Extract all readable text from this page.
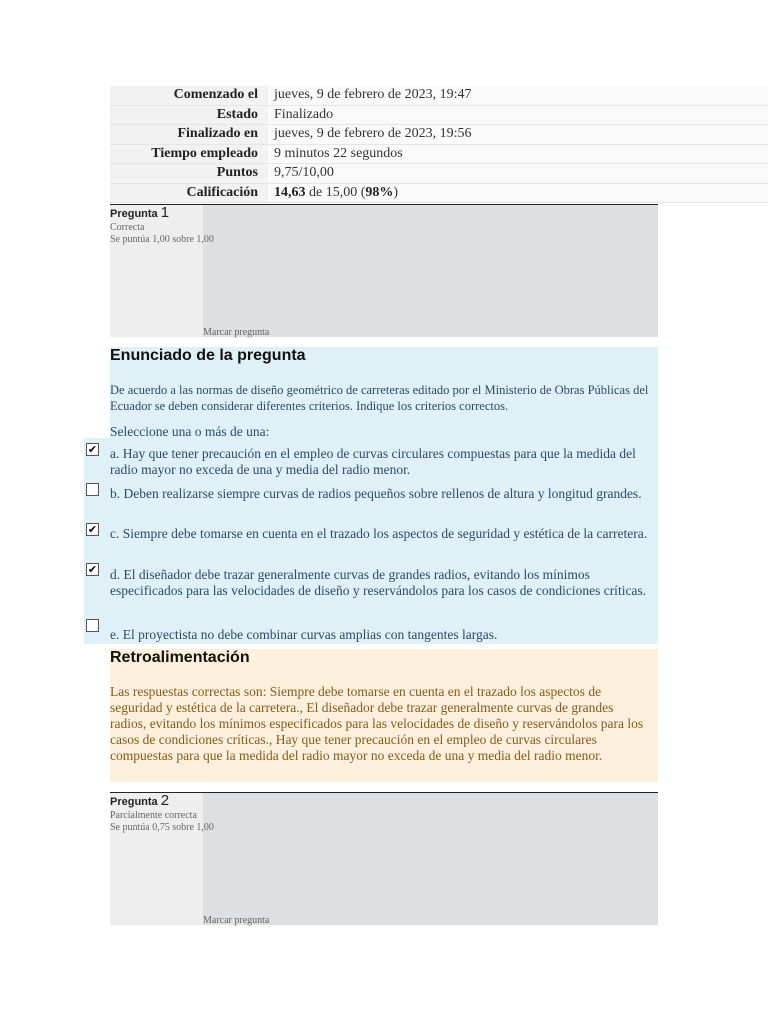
Comenzado el	jueves, 9 de febrero de 2023, 19:47
Estado	Finalizado
Finalizado en	jueves, 9 de febrero de 2023, 19:56
Tiempo empleado	9 minutos 22 segundos
Puntos	9,75/10,00
Calificación	14,63 de 15,00 (98%)
Pregunta 1
Correcta
Se puntúa 1,00 sobre 1,00
Marcar pregunta
Enunciado de la pregunta
De acuerdo a las normas de diseño geométrico de carreteras editado por el Ministerio de Obras Públicas del Ecuador se deben considerar diferentes criterios. Indique los criterios correctos.
Seleccione una o más de una:
a. Hay que tener precaución en el empleo de curvas circulares compuestas para que la medida del radio mayor no exceda de una y media del radio menor.
b. Deben realizarse siempre curvas de radios pequeños sobre rellenos de altura y longitud grandes.
c. Siempre debe tomarse en cuenta en el trazado los aspectos de seguridad y estética de la carretera.
d. El diseñador debe trazar generalmente curvas de grandes radios, evitando los mínimos especificados para las velocidades de diseño y reservándolos para los casos de condiciones críticas.
e. El proyectista no debe combinar curvas amplias con tangentes largas.
✔
✔
✔
Retroalimentación
Las respuestas correctas son: Siempre debe tomarse en cuenta en el trazado los aspectos de seguridad y estética de la carretera., El diseñador debe trazar generalmente curvas de grandes radios, evitando los mínimos especificados para las velocidades de diseño y reservándolos para los casos de condiciones críticas., Hay que tener precaución en el empleo de curvas circulares compuestas para que la medida del radio mayor no exceda de una y media del radio menor.
Pregunta 2
Parcialmente correcta
Se puntúa 0,75 sobre 1,00
Marcar pregunta
